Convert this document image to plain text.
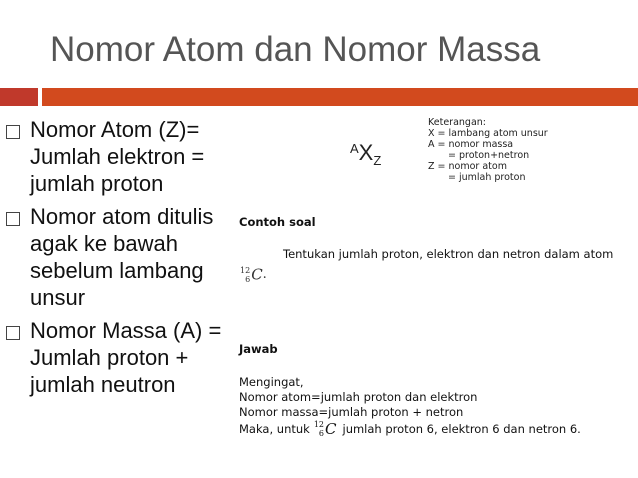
Nomor Atom dan Nomor Massa
Nomor Atom (Z)= Jumlah elektron = jumlah proton
Nomor atom ditulis agak ke bawah sebelum lambang unsur
Nomor Massa (A) = Jumlah proton + jumlah neutron
$^AX_Z$
Keterangan:
X = lambang atom unsur
A = nomor massa
= proton+netron
Z = nomor atom
= jumlah proton
Contoh soal
Tentukan jumlah proton, elektron dan netron dalam atom
12
6C.
Jawab
Mengingat,
Nomor atom=jumlah proton dan elektron
Nomor massa=jumlah proton + netron
Maka, untuk 12
6 C jumlah proton 6, elektron 6 dan netron 6.
